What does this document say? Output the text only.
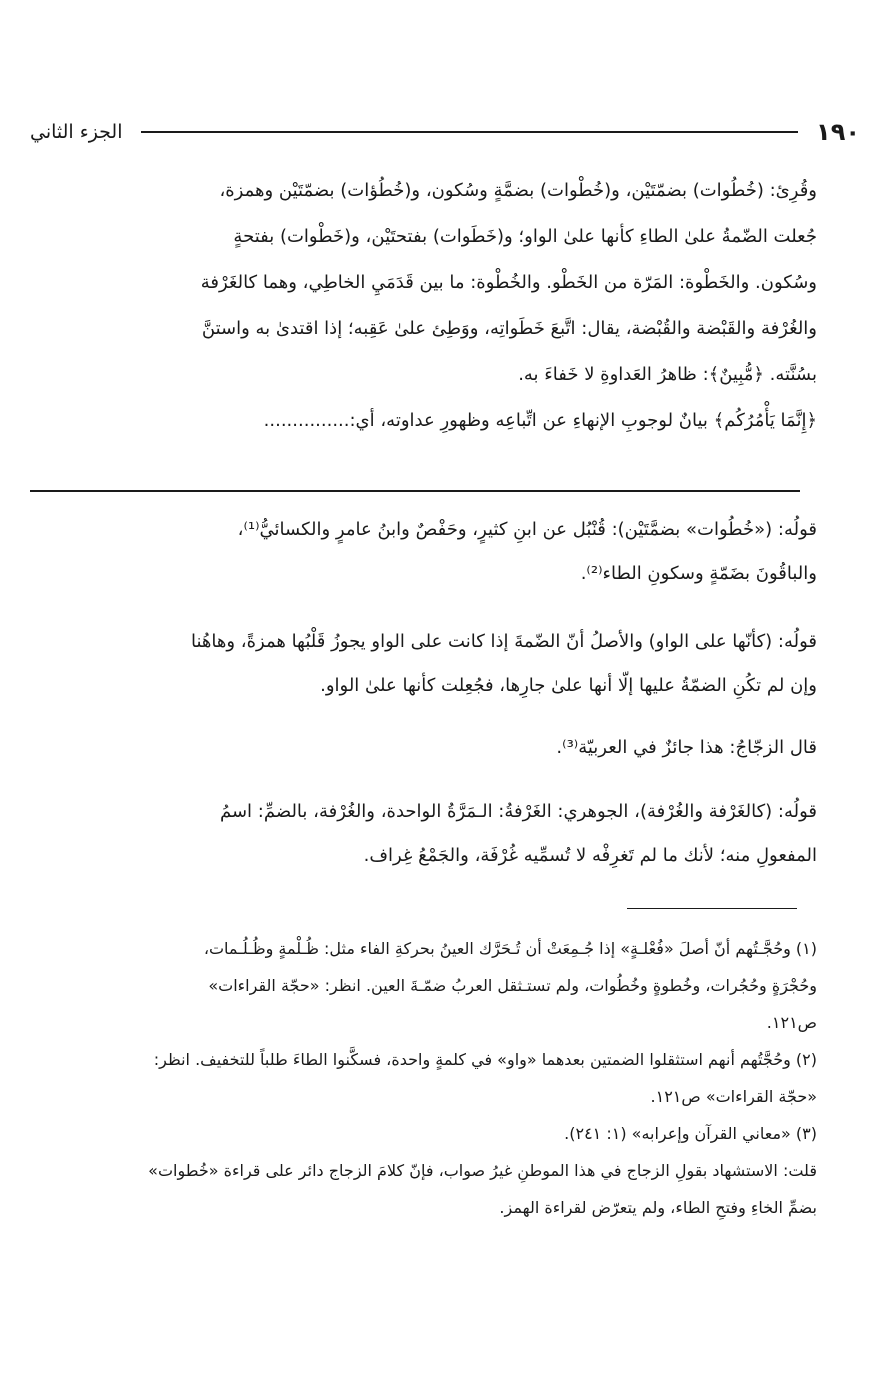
١٩٠
الجزء الثاني
وقُرِئ: (خُطُوات) بضمّتَيْن، و(خُطْوات) بضمَّةٍ وسُكون، و(خُطُؤات) بضمّتَيْن وهمزة،
جُعلت الضّمةُ علىٰ الطاءِ كأنها علىٰ الواو؛ و(خَطَوات) بفتحتَيْن، و(خَطْوات) بفتحةٍ
وسُكون. والخَطْوة: المَرّة من الخَطْو. والخُطْوة: ما بين قَدَمَيِ الخاطِي، وهما كالغَرْفة
والغُرْفة والقَبْضة والقُبْضة، يقال: اتَّبعَ خَطَواتِه، ووَطِئ علىٰ عَقِبه؛ إذا اقتدىٰ به واستنَّ
بسُنَّته. ﴿مُّبِينٌ﴾: ظاهرُ العَداوةِ لا خَفاءَ به.
﴿إِنَّمَا يَأْمُرُكُم﴾ بيانٌ لوجوبِ الإنهاءِ عن اتِّباعِه وظهورِ عداوته، أي:...............
قولُه: («خُطُوات» بضمَّتَيْن): قُنْبُل عن ابنِ كثيرٍ، وحَفْصٌ وابنُ عامرٍ والكسائيُّ⁽¹⁾،
والباقُونَ بضَمّةٍ وسكونِ الطاء⁽²⁾.
قولُه: (كأنّها على الواو) والأصلُ أنّ الضّمةَ إذا كانت على الواو يجوزُ قَلْبُها همزةً، وهاهُنا
وإن لم تكُنِ الضمّةُ عليها إلّا أنها علىٰ جارِها، فجُعِلت كأنها علىٰ الواو.
قال الزجّاجُ: هذا جائزٌ في العربيّة⁽³⁾.
قولُه: (كالغَرْفة والغُرْفة)، الجوهري: الغَرْفةُ: الـمَرَّةُ الواحدة، والغُرْفة، بالضمِّ: اسمُ
المفعولِ منه؛ لأنك ما لم تَغرِفْه لا تُسمِّيه غُرْفَة، والجَمْعُ غِراف.
(١) وحُجَّـتُهم أنّ أصلَ «فُعْلـةٍ» إذا جُـمِعَتْ أن تُـحَرَّك العينُ بحركةِ الفاء مثل: ظُـلْمةٍ وظُـلُـمات،
وحُجْرَةٍ وحُجُرات، وخُطوةٍ وخُطُوات، ولم تستـثقل العربُ ضمّـةَ العين. انظر: «حجّة القراءات»
ص١٢١.
(٢) وحُجَّتُهم أنهم استثقلوا الضمتين بعدهما «واو» في كلمةٍ واحدة، فسكَّنوا الطاءَ طلباً للتخفيف. انظر:
«حجّة القراءات» ص١٢١.
(٣) «معاني القرآن وإعرابه» (١: ٢٤١).
قلت: الاستشهاد بقولِ الزجاج في هذا الموطنِ غيرُ صواب، فإنّ كلامَ الزجاج دائر على قراءة «خُطوات»
بضمِّ الخاءِ وفتحِ الطاء، ولم يتعرّض لقراءة الهمز.
